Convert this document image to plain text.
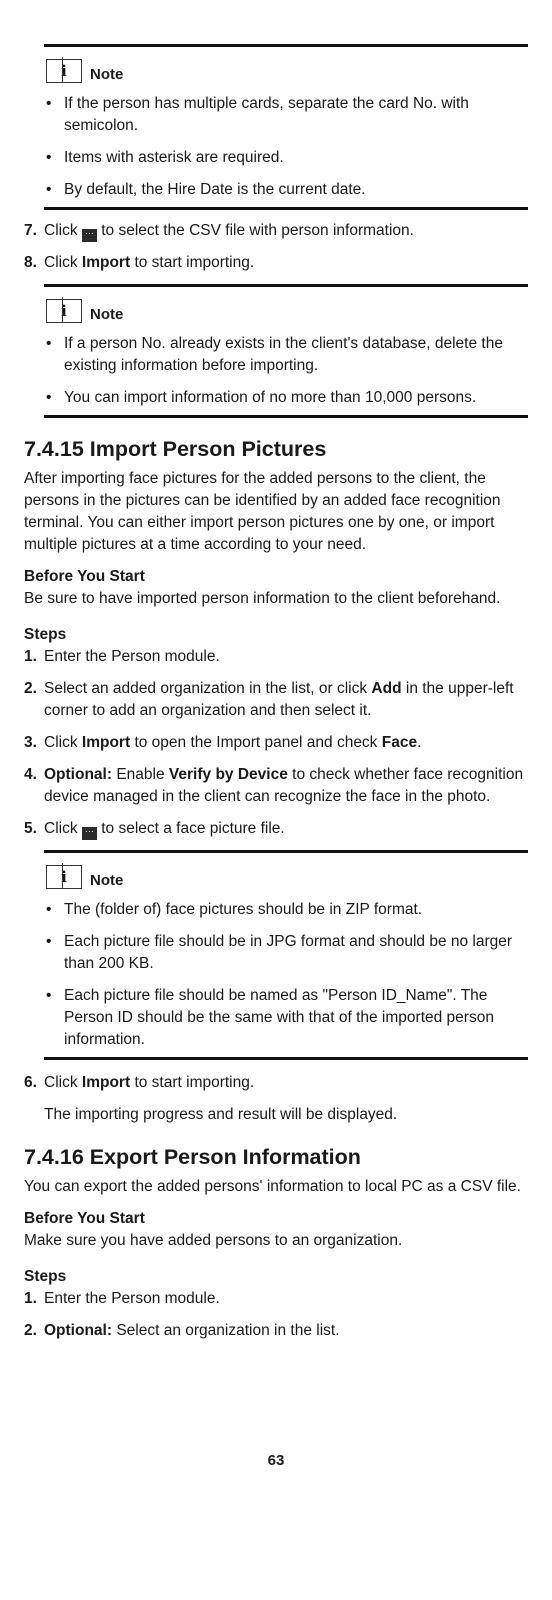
i	Note
• If the person has multiple cards, separate the card No. with semicolon.
• Items with asterisk are required.
• By default, the Hire Date is the current date.
7. Click ··· to select the CSV file with person information.
8. Click Import to start importing.
i	Note
• If a person No. already exists in the client's database, delete the existing information before importing.
• You can import information of no more than 10,000 persons.
7.4.15 Import Person Pictures

After importing face pictures for the added persons to the client, the persons in the pictures can be identified by an added face recognition terminal. You can either import person pictures one by one, or import multiple pictures at a time according to your need.

Before You Start

Be sure to have imported person information to the client beforehand.

Steps
1. Enter the Person module.
2. Select an added organization in the list, or click Add in the upper-left corner to add an organization and then select it.
3. Click Import to open the Import panel and check Face.
4. Optional: Enable Verify by Device to check whether face recognition device managed in the client can recognize the face in the photo.
5. Click ··· to select a face picture file.
i	Note
• The (folder of) face pictures should be in ZIP format.
• Each picture file should be in JPG format and should be no larger than 200 KB.
• Each picture file should be named as "Person ID_Name". The Person ID should be the same with that of the imported person information.
6. Click Import to start importing.
The importing progress and result will be displayed.
7.4.16 Export Person Information

You can export the added persons' information to local PC as a CSV file.

Before You Start

Make sure you have added persons to an organization.

Steps
1. Enter the Person module.
2. Optional: Select an organization in the list.
63
